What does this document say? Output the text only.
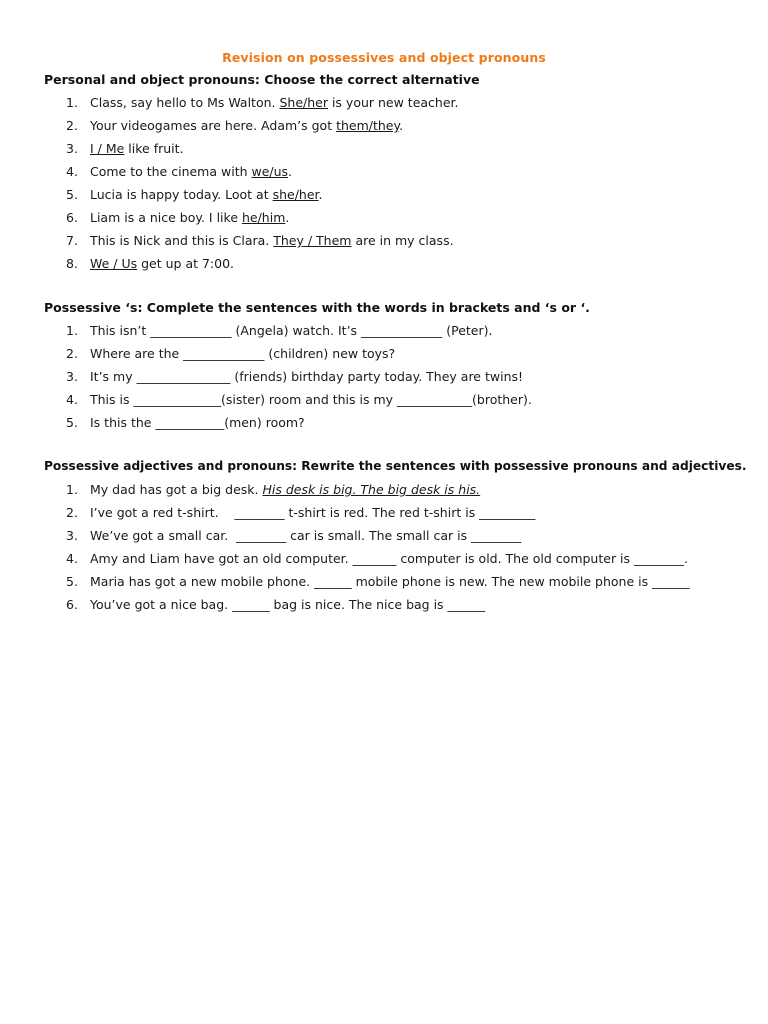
Revision on possessives and object pronouns
Personal and object pronouns: Choose the correct alternative
1. Class, say hello to Ms Walton. She/her is your new teacher.
2. Your videogames are here. Adam’s got them/they.
3. I / Me like fruit.
4. Come to the cinema with we/us.
5. Lucia is happy today. Loot at she/her.
6. Liam is a nice boy. I like he/him.
7. This is Nick and this is Clara. They / Them are in my class.
8. We / Us get up at 7:00.
Possessive ‘s: Complete the sentences with the words in brackets and ‘s or ‘.
1. This isn’t _____________ (Angela) watch. It’s _____________ (Peter).
2. Where are the _____________ (children) new toys?
3. It’s my _______________ (friends) birthday party today. They are twins!
4. This is ______________(sister) room and this is my ____________(brother).
5. Is this the ___________(men) room?
Possessive adjectives and pronouns: Rewrite the sentences with possessive pronouns and adjectives.
1. My dad has got a big desk. His desk is big. The big desk is his.
2. I’ve got a red t-shirt.    ________ t-shirt is red. The red t-shirt is _________
3. We’ve got a small car.  ________ car is small. The small car is ________
4. Amy and Liam have got an old computer. _______ computer is old. The old computer is ________.
5. Maria has got a new mobile phone. ______ mobile phone is new. The new mobile phone is ______
6. You’ve got a nice bag. ______ bag is nice. The nice bag is ______
